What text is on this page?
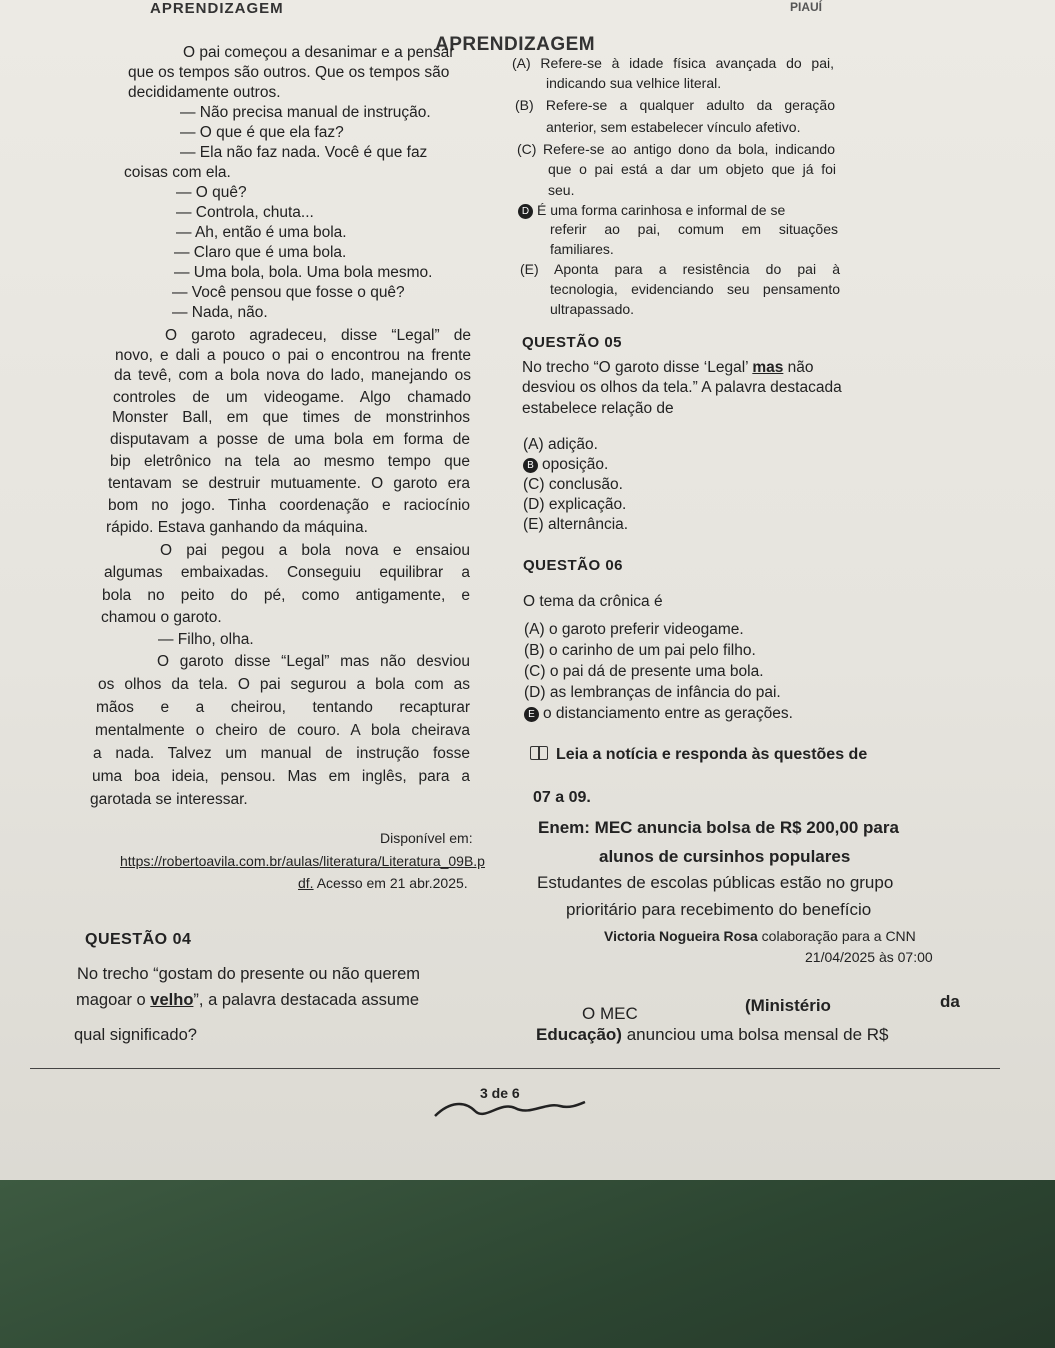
APRENDIZAGEM
APRENDIZAGEM
PIAUÍ
O pai começou a desanimar e a pensar
que os tempos são outros. Que os tempos são
decididamente outros.
— Não precisa manual de instrução.
— O que é que ela faz?
— Ela não faz nada. Você é que faz
coisas com ela.
— O quê?
— Controla, chuta...
— Ah, então é uma bola.
— Claro que é uma bola.
— Uma bola, bola. Uma bola mesmo.
— Você pensou que fosse o quê?
— Nada, não.
O garoto agradeceu, disse “Legal” de
novo, e dali a pouco o pai o encontrou na frente
da tevê, com a bola nova do lado, manejando os
controles de um videogame. Algo chamado
Monster Ball, em que times de monstrinhos
disputavam a posse de uma bola em forma de
bip eletrônico na tela ao mesmo tempo que
tentavam se destruir mutuamente. O garoto era
bom no jogo. Tinha coordenação e raciocínio
rápido. Estava ganhando da máquina.
O pai pegou a bola nova e ensaiou
algumas embaixadas. Conseguiu equilibrar a
bola no peito do pé, como antigamente, e
chamou o garoto.
— Filho, olha.
O garoto disse “Legal” mas não desviou
os olhos da tela. O pai segurou a bola com as
mãos e a cheirou, tentando recapturar
mentalmente o cheiro de couro. A bola cheirava
a nada. Talvez um manual de instrução fosse
uma boa ideia, pensou. Mas em inglês, para a
garotada se interessar.
Disponível em:
https://robertoavila.com.br/aulas/literatura/Literatura_09B.p
df. Acesso em 21 abr.2025.
QUESTÃO 04
No trecho “gostam do presente ou não querem
magoar o velho”, a palavra destacada assume
qual significado?
(A) Refere-se à idade física avançada do pai,
indicando sua velhice literal.
(B) Refere-se a qualquer adulto da geração
anterior, sem estabelecer vínculo afetivo.
(C) Refere-se ao antigo dono da bola, indicando
que o pai está a dar um objeto que já foi
seu.
D É uma forma carinhosa e informal de se
referir ao pai, comum em situações
familiares.
(E) Aponta para a resistência do pai à
tecnologia, evidenciando seu pensamento
ultrapassado.
QUESTÃO 05
No trecho “O garoto disse ‘Legal’ mas não
desviou os olhos da tela.” A palavra destacada
estabelece relação de
(A) adição.
B oposição.
(C) conclusão.
(D) explicação.
(E) alternância.
QUESTÃO 06
O tema da crônica é
(A) o garoto preferir videogame.
(B) o carinho de um pai pelo filho.
(C) o pai dá de presente uma bola.
(D) as lembranças de infância do pai.
E o distanciamento entre as gerações.
Leia a notícia e responda às questões de
07 a 09.
Enem: MEC anuncia bolsa de R$ 200,00 para
alunos de cursinhos populares
Estudantes de escolas públicas estão no grupo
prioritário para recebimento do benefício
Victoria Nogueira Rosa colaboração para a CNN
21/04/2025 às 07:00
O MEC	(Ministério	da
Educação) anunciou uma bolsa mensal de R$
3 de 6
